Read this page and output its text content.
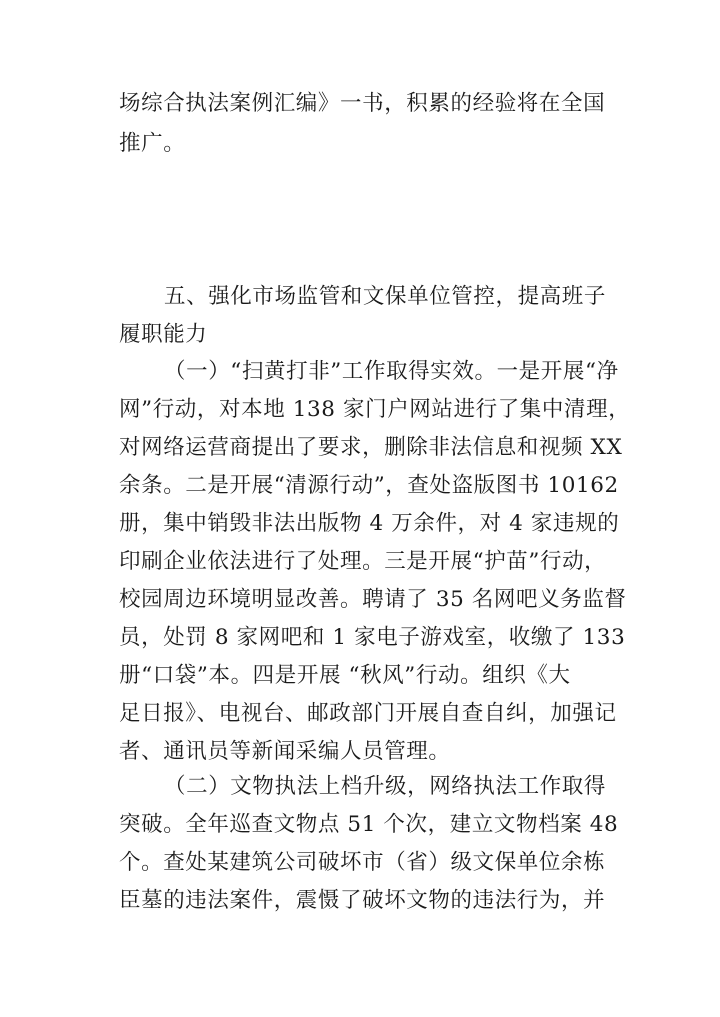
场综合执法案例汇编》一书，积累的经验将在全国
推广。
五、强化市场监管和文保单位管控，提高班子
履职能力
（一）“扫黄打非”工作取得实效。一是开展“净
网”行动，对本地 138 家门户网站进行了集中清理，
对网络运营商提出了要求，删除非法信息和视频 XX
余条。二是开展“清源行动”，查处盗版图书 10162
册，集中销毁非法出版物 4 万余件，对 4 家违规的
印刷企业依法进行了处理。三是开展“护苗”行动，
校园周边环境明显改善。聘请了 35 名网吧义务监督
员，处罚 8 家网吧和 1 家电子游戏室，收缴了 133
册“口袋”本。四是开展 “秋风”行动。组织《大
足日报》、电视台、邮政部门开展自查自纠，加强记
者、通讯员等新闻采编人员管理。
（二）文物执法上档升级，网络执法工作取得
突破。全年巡查文物点 51 个次，建立文物档案 48
个。查处某建筑公司破坏市（省）级文保单位余栋
臣墓的违法案件，震慑了破坏文物的违法行为，并
